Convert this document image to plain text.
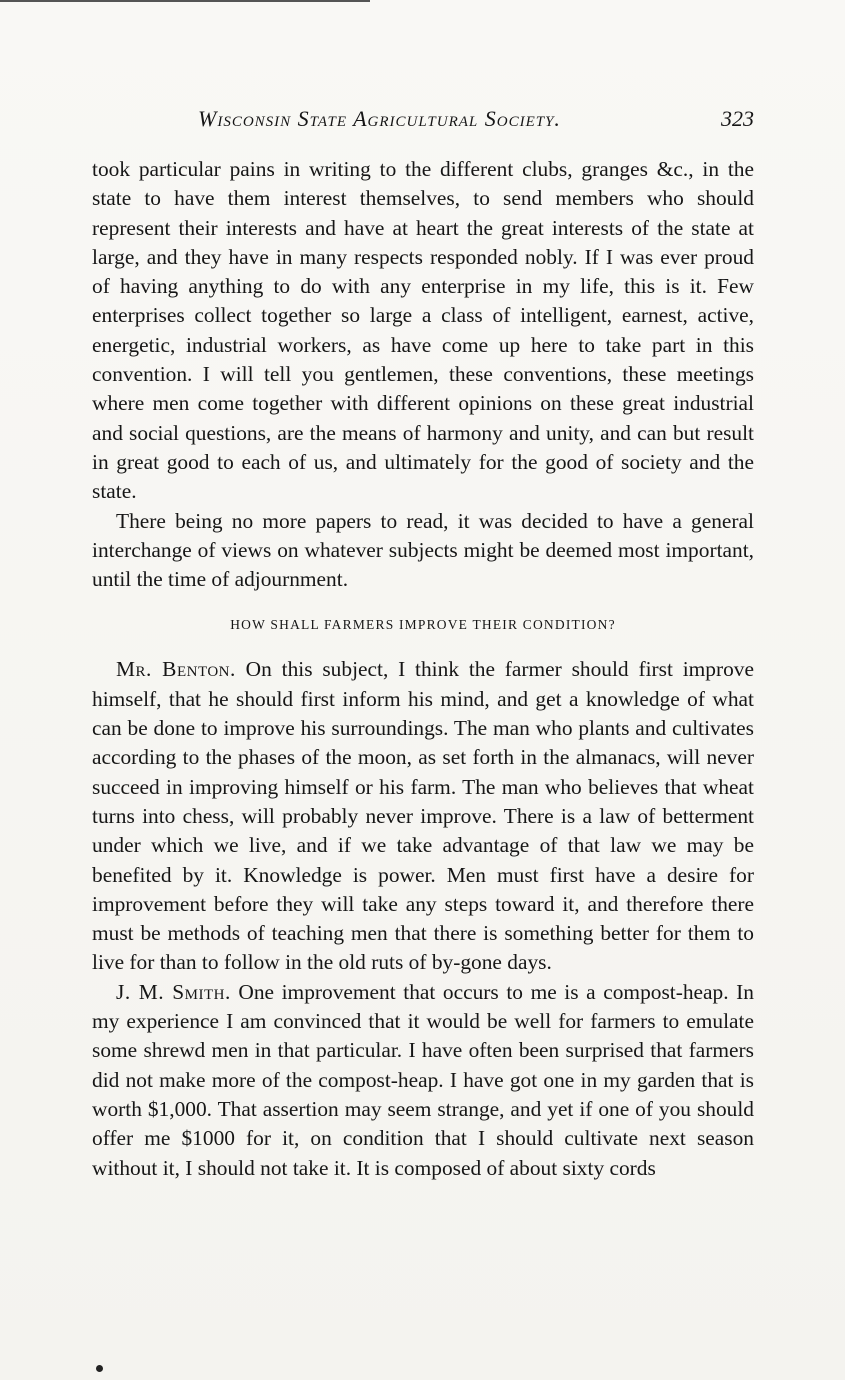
Wisconsin State Agricultural Society.	323

took particular pains in writing to the different clubs, granges &c., in the state to have them interest themselves, to send members who should represent their interests and have at heart the great interests of the state at large, and they have in many respects responded nobly. If I was ever proud of having anything to do with any enterprise in my life, this is it. Few enterprises collect together so large a class of intelligent, earnest, active, energetic, industrial workers, as have come up here to take part in this convention. I will tell you gentlemen, these conventions, these meetings where men come together with different opinions on these great industrial and social questions, are the means of harmony and unity, and can but result in great good to each of us, and ultimately for the good of society and the state.

There being no more papers to read, it was decided to have a general interchange of views on whatever subjects might be deemed most important, until the time of adjournment.

HOW SHALL FARMERS IMPROVE THEIR CONDITION?

Mr. Benton. On this subject, I think the farmer should first improve himself, that he should first inform his mind, and get a knowledge of what can be done to improve his surroundings. The man who plants and cultivates according to the phases of the moon, as set forth in the almanacs, will never succeed in improving himself or his farm. The man who believes that wheat turns into chess, will probably never improve. There is a law of betterment under which we live, and if we take advantage of that law we may be benefited by it. Knowledge is power. Men must first have a desire for improvement before they will take any steps toward it, and therefore there must be methods of teaching men that there is something better for them to live for than to follow in the old ruts of by-gone days.

J. M. Smith. One improvement that occurs to me is a compost-heap. In my experience I am convinced that it would be well for farmers to emulate some shrewd men in that particular. I have often been surprised that farmers did not make more of the compost-heap. I have got one in my garden that is worth $1,000. That assertion may seem strange, and yet if one of you should offer me $1000 for it, on condition that I should cultivate next season without it, I should not take it. It is composed of about sixty cords
